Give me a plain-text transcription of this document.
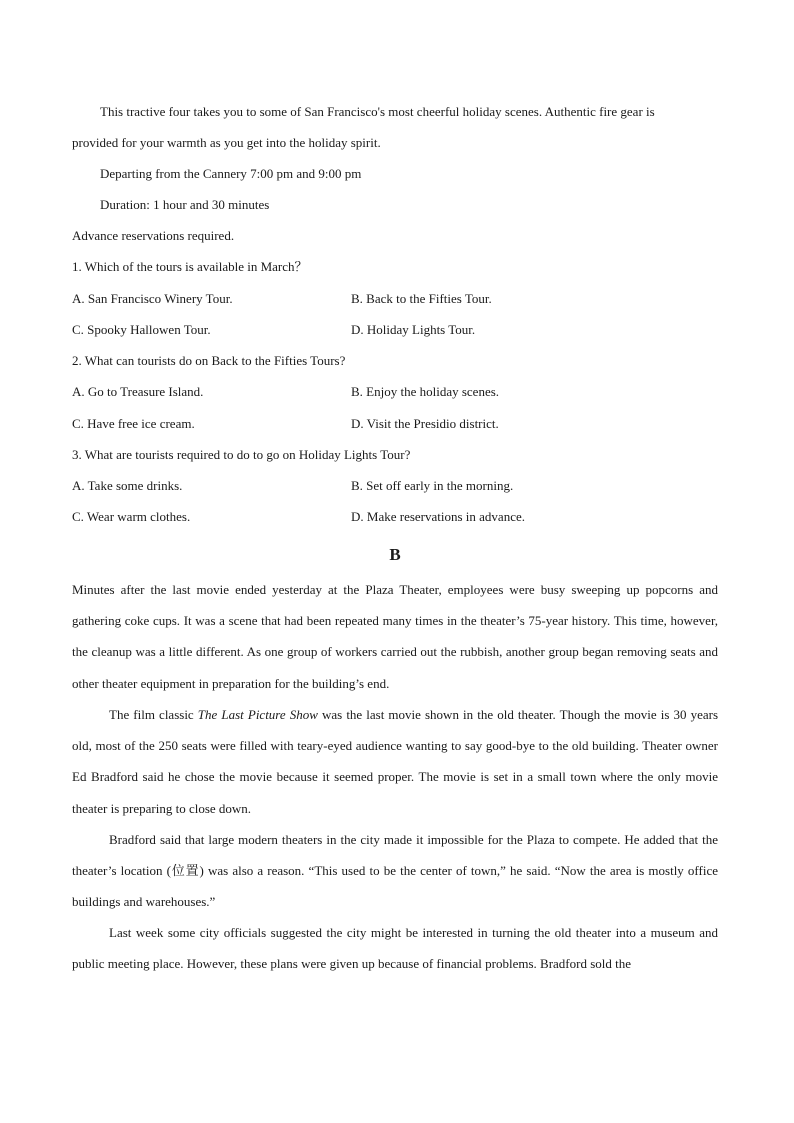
This tractive four takes you to some of San Francisco's most cheerful holiday scenes. Authentic fire gear is
provided for your warmth as you get into the holiday spirit.
Departing from the Cannery 7:00 pm and 9:00 pm
Duration: 1 hour and 30 minutes
Advance reservations required.
1. Which of the tours is available in March？
A. San Francisco Winery Tour.	B. Back to the Fifties Tour.
C. Spooky Hallowen Tour.	D. Holiday Lights Tour.
2. What can tourists do on Back to the Fifties Tours?
A. Go to Treasure Island.	B. Enjoy the holiday scenes.
C. Have free ice cream.	D. Visit the Presidio district.
3. What are tourists required to do to go on Holiday Lights Tour?
A. Take some drinks.	B. Set off early in the morning.
C. Wear warm clothes.	D. Make reservations in advance.
B
Minutes after the last movie ended yesterday at the Plaza Theater, employees were busy sweeping up popcorns and gathering coke cups. It was a scene that had been repeated many times in the theater’s 75-year history. This time, however, the cleanup was a little different. As one group of workers carried out the rubbish, another group began removing seats and other theater equipment in preparation for the building’s end.
The film classic The Last Picture Show was the last movie shown in the old theater. Though the movie is 30 years old, most of the 250 seats were filled with teary-eyed audience wanting to say good-bye to the old building. Theater owner Ed Bradford said he chose the movie because it seemed proper. The movie is set in a small town where the only movie theater is preparing to close down.
Bradford said that large modern theaters in the city made it impossible for the Plaza to compete. He added that the theater’s location (位置) was also a reason. “This used to be the center of town,” he said. “Now the area is mostly office buildings and warehouses.”
Last week some city officials suggested the city might be interested in turning the old theater into a museum and public meeting place. However, these plans were given up because of financial problems. Bradford sold the
